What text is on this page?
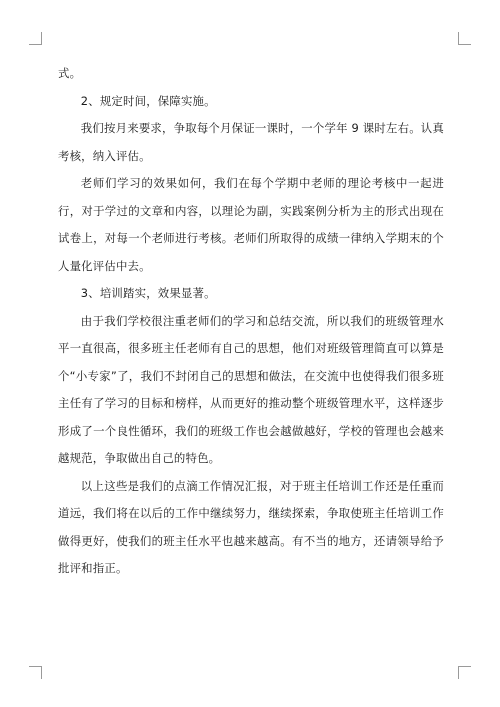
式。

2、规定时间，保障实施。

我们按月来要求，争取每个月保证一课时，一个学年 9 课时左右。认真考核，纳入评估。

老师们学习的效果如何，我们在每个学期中老师的理论考核中一起进行，对于学过的文章和内容，以理论为副，实践案例分析为主的形式出现在试卷上，对每一个老师进行考核。老师们所取得的成绩一律纳入学期末的个人量化评估中去。

3、培训踏实，效果显著。

由于我们学校很注重老师们的学习和总结交流，所以我们的班级管理水平一直很高，很多班主任老师有自己的思想，他们对班级管理简直可以算是个“小专家”了，我们不封闭自己的思想和做法，在交流中也使得我们很多班主任有了学习的目标和榜样，从而更好的推动整个班级管理水平，这样逐步形成了一个良性循环，我们的班级工作也会越做越好，学校的管理也会越来越规范，争取做出自己的特色。

以上这些是我们的点滴工作情况汇报，对于班主任培训工作还是任重而道远，我们将在以后的工作中继续努力，继续探索，争取使班主任培训工作做得更好，使我们的班主任水平也越来越高。有不当的地方，还请领导给予批评和指正。
